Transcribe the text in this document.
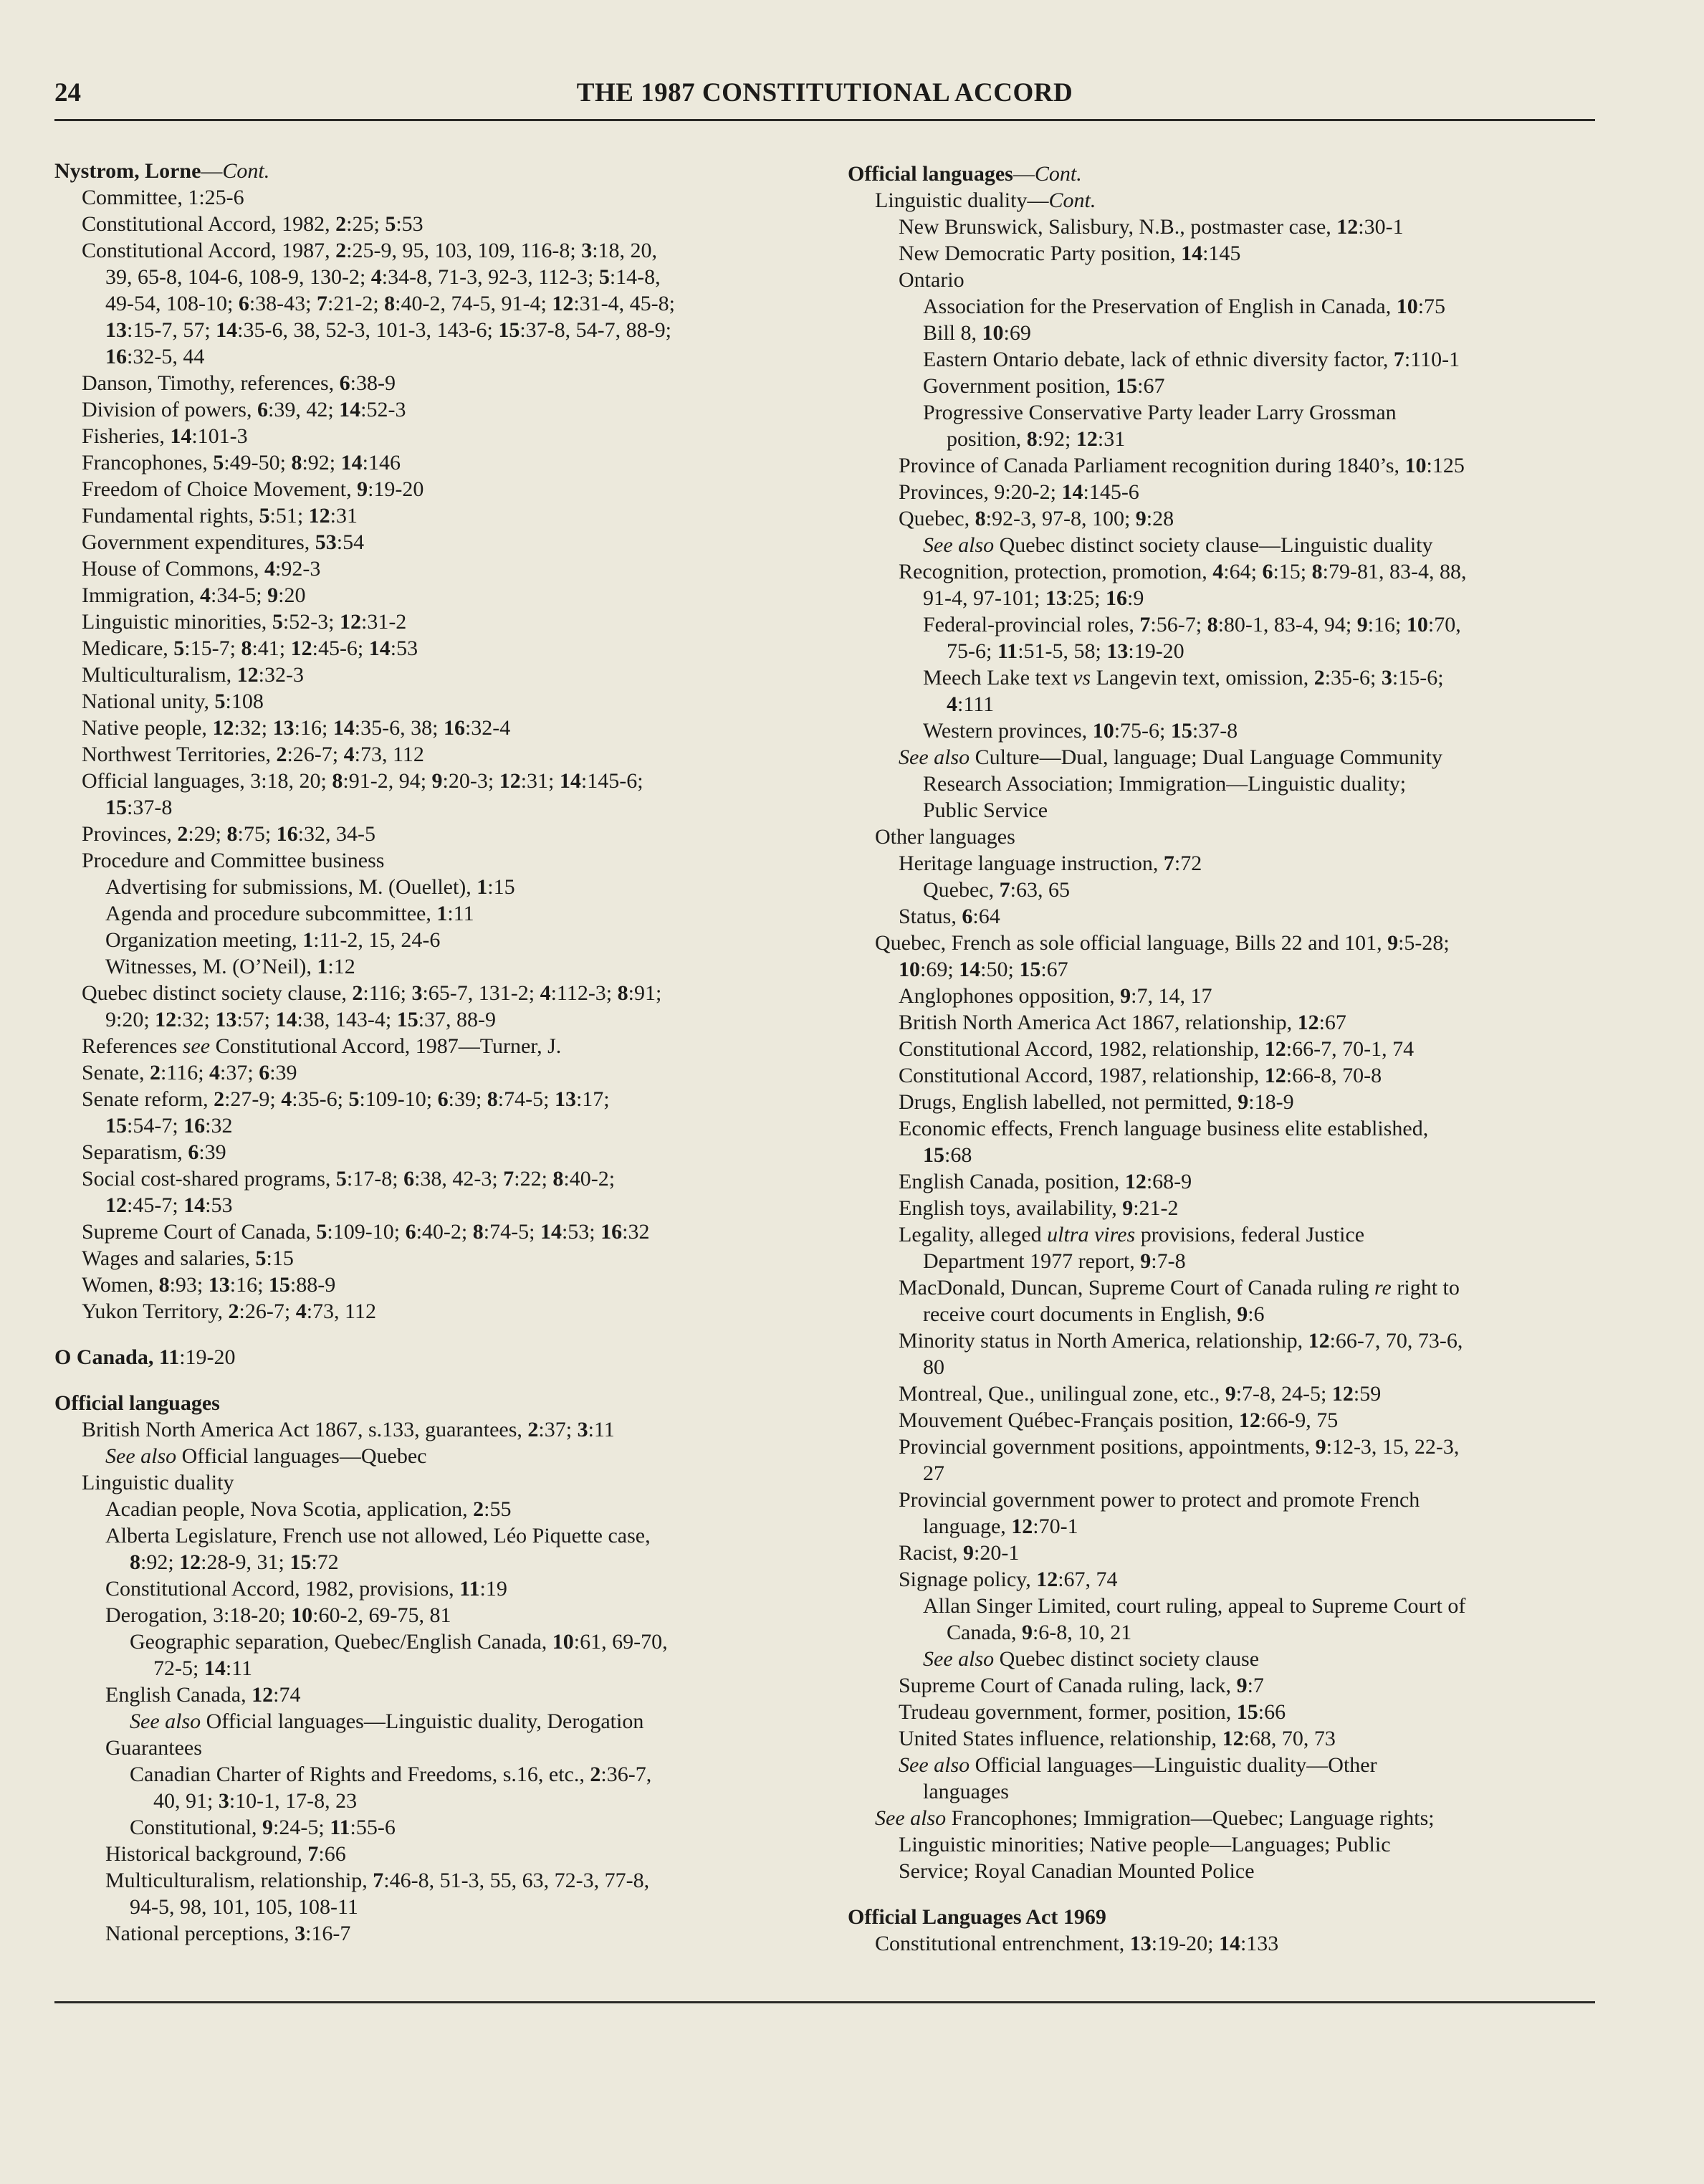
24	THE 1987 CONSTITUTIONAL ACCORD
Nystrom, Lorne—Cont.
Committee, 1:25-6
Constitutional Accord, 1982, 2:25; 5:53
Constitutional Accord, 1987, 2:25-9, 95, 103, 109, 116-8; 3:18, 20,
39, 65-8, 104-6, 108-9, 130-2; 4:34-8, 71-3, 92-3, 112-3; 5:14-8,
49-54, 108-10; 6:38-43; 7:21-2; 8:40-2, 74-5, 91-4; 12:31-4, 45-8;
13:15-7, 57; 14:35-6, 38, 52-3, 101-3, 143-6; 15:37-8, 54-7, 88-9;
16:32-5, 44
Danson, Timothy, references, 6:38-9
Division of powers, 6:39, 42; 14:52-3
Fisheries, 14:101-3
Francophones, 5:49-50; 8:92; 14:146
Freedom of Choice Movement, 9:19-20
Fundamental rights, 5:51; 12:31
Government expenditures, 53:54
House of Commons, 4:92-3
Immigration, 4:34-5; 9:20
Linguistic minorities, 5:52-3; 12:31-2
Medicare, 5:15-7; 8:41; 12:45-6; 14:53
Multiculturalism, 12:32-3
National unity, 5:108
Native people, 12:32; 13:16; 14:35-6, 38; 16:32-4
Northwest Territories, 2:26-7; 4:73, 112
Official languages, 3:18, 20; 8:91-2, 94; 9:20-3; 12:31; 14:145-6;
15:37-8
Provinces, 2:29; 8:75; 16:32, 34-5
Procedure and Committee business
Advertising for submissions, M. (Ouellet), 1:15
Agenda and procedure subcommittee, 1:11
Organization meeting, 1:11-2, 15, 24-6
Witnesses, M. (O’Neil), 1:12
Quebec distinct society clause, 2:116; 3:65-7, 131-2; 4:112-3; 8:91;
9:20; 12:32; 13:57; 14:38, 143-4; 15:37, 88-9
References see Constitutional Accord, 1987—Turner, J.
Senate, 2:116; 4:37; 6:39
Senate reform, 2:27-9; 4:35-6; 5:109-10; 6:39; 8:74-5; 13:17;
15:54-7; 16:32
Separatism, 6:39
Social cost-shared programs, 5:17-8; 6:38, 42-3; 7:22; 8:40-2;
12:45-7; 14:53
Supreme Court of Canada, 5:109-10; 6:40-2; 8:74-5; 14:53; 16:32
Wages and salaries, 5:15
Women, 8:93; 13:16; 15:88-9
Yukon Territory, 2:26-7; 4:73, 112
O Canada, 11:19-20
Official languages
British North America Act 1867, s.133, guarantees, 2:37; 3:11
See also Official languages—Quebec
Linguistic duality
Acadian people, Nova Scotia, application, 2:55
Alberta Legislature, French use not allowed, Léo Piquette case,
8:92; 12:28-9, 31; 15:72
Constitutional Accord, 1982, provisions, 11:19
Derogation, 3:18-20; 10:60-2, 69-75, 81
Geographic separation, Quebec/English Canada, 10:61, 69-70,
72-5; 14:11
English Canada, 12:74
See also Official languages—Linguistic duality, Derogation
Guarantees
Canadian Charter of Rights and Freedoms, s.16, etc., 2:36-7,
40, 91; 3:10-1, 17-8, 23
Constitutional, 9:24-5; 11:55-6
Historical background, 7:66
Multiculturalism, relationship, 7:46-8, 51-3, 55, 63, 72-3, 77-8,
94-5, 98, 101, 105, 108-11
National perceptions, 3:16-7
Official languages—Cont.
Linguistic duality—Cont.
New Brunswick, Salisbury, N.B., postmaster case, 12:30-1
New Democratic Party position, 14:145
Ontario
Association for the Preservation of English in Canada, 10:75
Bill 8, 10:69
Eastern Ontario debate, lack of ethnic diversity factor, 7:110-1
Government position, 15:67
Progressive Conservative Party leader Larry Grossman
position, 8:92; 12:31
Province of Canada Parliament recognition during 1840’s, 10:125
Provinces, 9:20-2; 14:145-6
Quebec, 8:92-3, 97-8, 100; 9:28
See also Quebec distinct society clause—Linguistic duality
Recognition, protection, promotion, 4:64; 6:15; 8:79-81, 83-4, 88,
91-4, 97-101; 13:25; 16:9
Federal-provincial roles, 7:56-7; 8:80-1, 83-4, 94; 9:16; 10:70,
75-6; 11:51-5, 58; 13:19-20
Meech Lake text vs Langevin text, omission, 2:35-6; 3:15-6;
4:111
Western provinces, 10:75-6; 15:37-8
See also Culture—Dual, language; Dual Language Community
Research Association; Immigration—Linguistic duality;
Public Service
Other languages
Heritage language instruction, 7:72
Quebec, 7:63, 65
Status, 6:64
Quebec, French as sole official language, Bills 22 and 101, 9:5-28;
10:69; 14:50; 15:67
Anglophones opposition, 9:7, 14, 17
British North America Act 1867, relationship, 12:67
Constitutional Accord, 1982, relationship, 12:66-7, 70-1, 74
Constitutional Accord, 1987, relationship, 12:66-8, 70-8
Drugs, English labelled, not permitted, 9:18-9
Economic effects, French language business elite established,
15:68
English Canada, position, 12:68-9
English toys, availability, 9:21-2
Legality, alleged ultra vires provisions, federal Justice
Department 1977 report, 9:7-8
MacDonald, Duncan, Supreme Court of Canada ruling re right to
receive court documents in English, 9:6
Minority status in North America, relationship, 12:66-7, 70, 73-6,
80
Montreal, Que., unilingual zone, etc., 9:7-8, 24-5; 12:59
Mouvement Québec-Français position, 12:66-9, 75
Provincial government positions, appointments, 9:12-3, 15, 22-3,
27
Provincial government power to protect and promote French
language, 12:70-1
Racist, 9:20-1
Signage policy, 12:67, 74
Allan Singer Limited, court ruling, appeal to Supreme Court of
Canada, 9:6-8, 10, 21
See also Quebec distinct society clause
Supreme Court of Canada ruling, lack, 9:7
Trudeau government, former, position, 15:66
United States influence, relationship, 12:68, 70, 73
See also Official languages—Linguistic duality—Other
languages
See also Francophones; Immigration—Quebec; Language rights;
Linguistic minorities; Native people—Languages; Public
Service; Royal Canadian Mounted Police
Official Languages Act 1969
Constitutional entrenchment, 13:19-20; 14:133
